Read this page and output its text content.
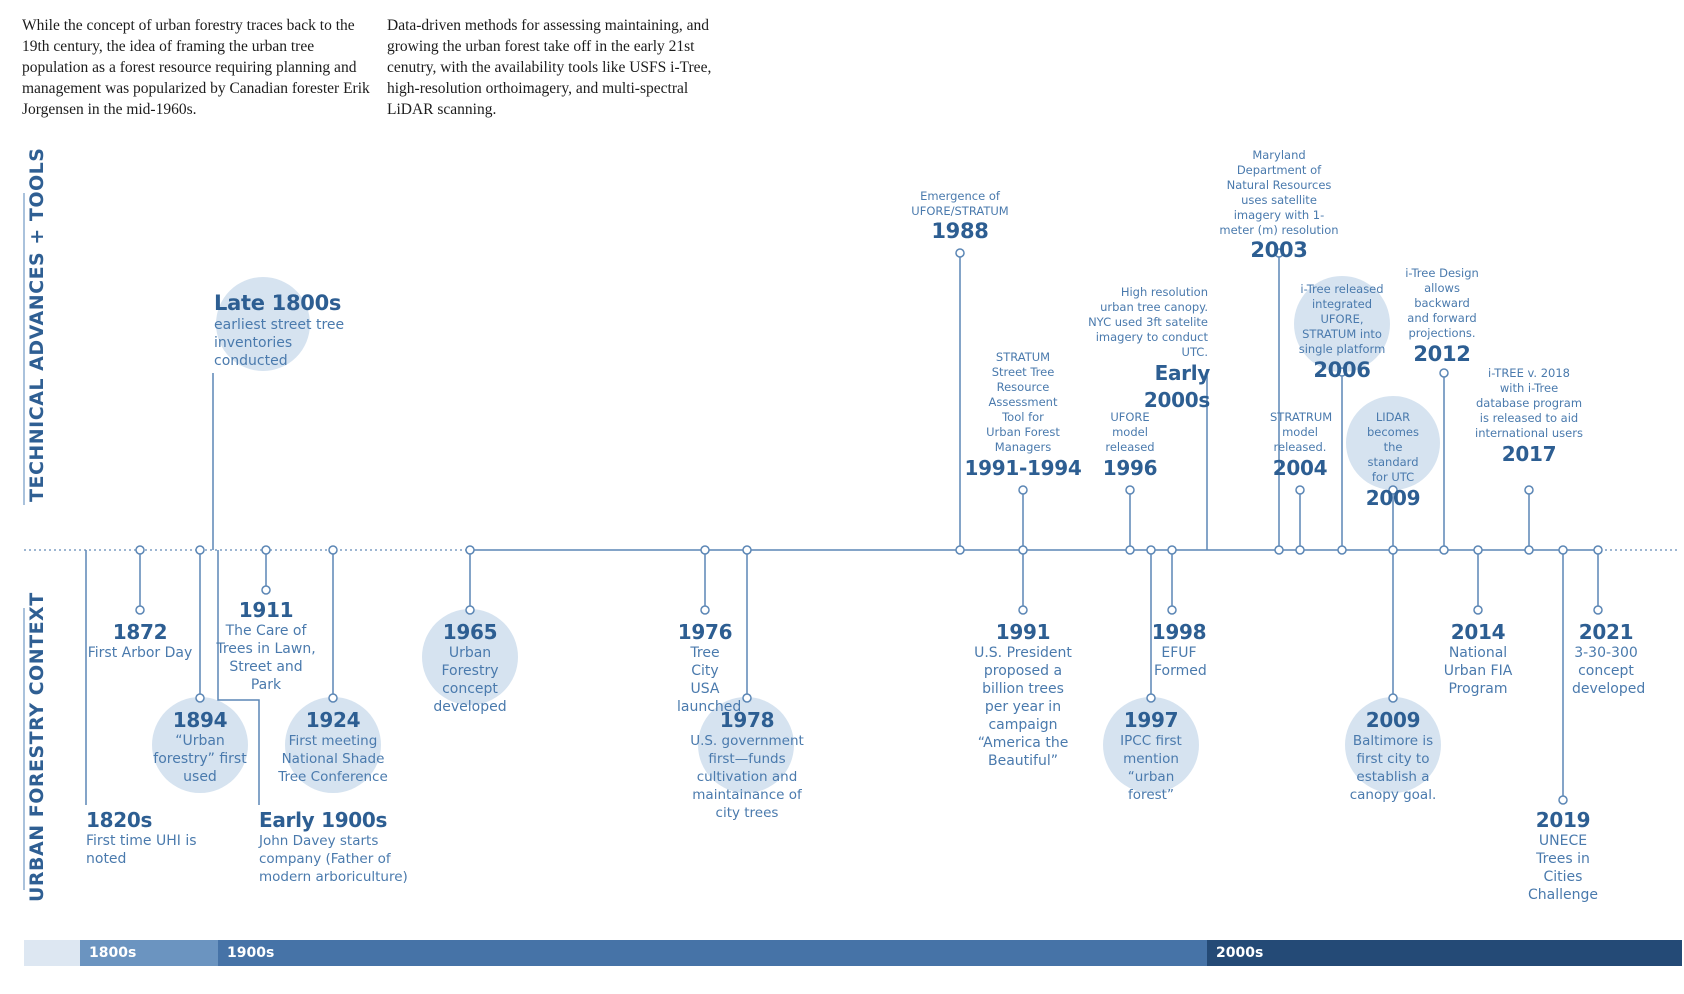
While the concept of urban forestry traces back to the 19th century, the idea of framing the urban tree population as a forest resource requiring planning and management was popularized by Canadian forester Erik Jorgensen in the mid-1960s.

Data-driven methods for assessing maintaining, and growing the urban forest take off in the early 21st cenutry, with the availability tools like USFS i-Tree, high-resolution orthoimagery, and multi-spectral LiDAR scanning.

TECHNICAL ADVANCES + TOOLS
URBAN FORESTRY CONTEXT
Late 1800s
earliest street tree inventories conducted
Emergence of UFORE/STRATUM
1988
STRATUM Street Tree Resource Assessment Tool for Urban Forest Managers
1991-1994
UFORE model released
1996
High resolution urban tree canopy. NYC used 3ft satelite imagery to conduct UTC.
Early 2000s
Maryland Department of Natural Resources uses satellite imagery with 1-meter (m) resolution
2003
STRATRUM model released.
2004
i-Tree released integrated UFORE, STRATUM into single platform
2006
LIDAR becomes the standard for UTC
2009
i-Tree Design allows backward and forward projections.
2012
i-TREE v. 2018 with i-Tree database program is released to aid international users
2017
1820s
First time UHI is noted
1872
First Arbor Day
1894
“Urban forestry” first used
Early 1900s
John Davey starts company (Father of modern arboriculture)
1911
The Care of Trees in Lawn, Street and Park
1924
First meeting National Shade Tree Conference
1965
Urban Forestry concept developed
1976
Tree City USA launched
1978
U.S. government first—funds cultivation and maintainance of city trees
1991
U.S. President proposed a billion trees per year in campaign “America the Beautiful”
1997
IPCC first mention “urban forest”
1998
EFUF Formed
2009
Baltimore is first city to establish a canopy goal.
2014
National Urban FIA Program
2019
UNECE Trees in Cities Challenge
2021
3-30-300 concept developed
1800s	1900s	2000s
